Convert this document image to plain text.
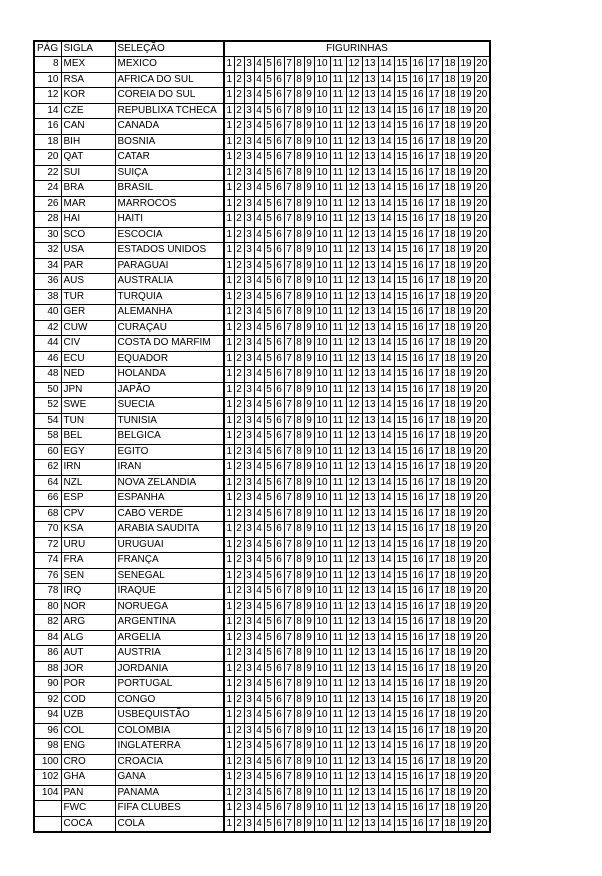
PÁG	SIGLA	SELEÇÃO	FIGURINHAS																			
8	MEX	MEXICO	1	2	3	4	5	6	7	8	9	10	11	12	13	14	15	16	17	18	19	20
10	RSA	AFRICA DO SUL	1	2	3	4	5	6	7	8	9	10	11	12	13	14	15	16	17	18	19	20
12	KOR	COREIA DO SUL	1	2	3	4	5	6	7	8	9	10	11	12	13	14	15	16	17	18	19	20
14	CZE	REPUBLIXA TCHECA	1	2	3	4	5	6	7	8	9	10	11	12	13	14	15	16	17	18	19	20
16	CAN	CANADA	1	2	3	4	5	6	7	8	9	10	11	12	13	14	15	16	17	18	19	20
18	BIH	BOSNIA	1	2	3	4	5	6	7	8	9	10	11	12	13	14	15	16	17	18	19	20
20	QAT	CATAR	1	2	3	4	5	6	7	8	9	10	11	12	13	14	15	16	17	18	19	20
22	SUI	SUIÇA	1	2	3	4	5	6	7	8	9	10	11	12	13	14	15	16	17	18	19	20
24	BRA	BRASIL	1	2	3	4	5	6	7	8	9	10	11	12	13	14	15	16	17	18	19	20
26	MAR	MARROCOS	1	2	3	4	5	6	7	8	9	10	11	12	13	14	15	16	17	18	19	20
28	HAI	HAITI	1	2	3	4	5	6	7	8	9	10	11	12	13	14	15	16	17	18	19	20
30	SCO	ESCOCIA	1	2	3	4	5	6	7	8	9	10	11	12	13	14	15	16	17	18	19	20
32	USA	ESTADOS UNIDOS	1	2	3	4	5	6	7	8	9	10	11	12	13	14	15	16	17	18	19	20
34	PAR	PARAGUAI	1	2	3	4	5	6	7	8	9	10	11	12	13	14	15	16	17	18	19	20
36	AUS	AUSTRALIA	1	2	3	4	5	6	7	8	9	10	11	12	13	14	15	16	17	18	19	20
38	TUR	TURQUIA	1	2	3	4	5	6	7	8	9	10	11	12	13	14	15	16	17	18	19	20
40	GER	ALEMANHA	1	2	3	4	5	6	7	8	9	10	11	12	13	14	15	16	17	18	19	20
42	CUW	CURAÇAU	1	2	3	4	5	6	7	8	9	10	11	12	13	14	15	16	17	18	19	20
44	CIV	COSTA DO MARFIM	1	2	3	4	5	6	7	8	9	10	11	12	13	14	15	16	17	18	19	20
46	ECU	EQUADOR	1	2	3	4	5	6	7	8	9	10	11	12	13	14	15	16	17	18	19	20
48	NED	HOLANDA	1	2	3	4	5	6	7	8	9	10	11	12	13	14	15	16	17	18	19	20
50	JPN	JAPÃO	1	2	3	4	5	6	7	8	9	10	11	12	13	14	15	16	17	18	19	20
52	SWE	SUECIA	1	2	3	4	5	6	7	8	9	10	11	12	13	14	15	16	17	18	19	20
54	TUN	TUNISIA	1	2	3	4	5	6	7	8	9	10	11	12	13	14	15	16	17	18	19	20
58	BEL	BELGICA	1	2	3	4	5	6	7	8	9	10	11	12	13	14	15	16	17	18	19	20
60	EGY	EGITO	1	2	3	4	5	6	7	8	9	10	11	12	13	14	15	16	17	18	19	20
62	IRN	IRAN	1	2	3	4	5	6	7	8	9	10	11	12	13	14	15	16	17	18	19	20
64	NZL	NOVA ZELANDIA	1	2	3	4	5	6	7	8	9	10	11	12	13	14	15	16	17	18	19	20
66	ESP	ESPANHA	1	2	3	4	5	6	7	8	9	10	11	12	13	14	15	16	17	18	19	20
68	CPV	CABO VERDE	1	2	3	4	5	6	7	8	9	10	11	12	13	14	15	16	17	18	19	20
70	KSA	ARABIA SAUDITA	1	2	3	4	5	6	7	8	9	10	11	12	13	14	15	16	17	18	19	20
72	URU	URUGUAI	1	2	3	4	5	6	7	8	9	10	11	12	13	14	15	16	17	18	19	20
74	FRA	FRANÇA	1	2	3	4	5	6	7	8	9	10	11	12	13	14	15	16	17	18	19	20
76	SEN	SENEGAL	1	2	3	4	5	6	7	8	9	10	11	12	13	14	15	16	17	18	19	20
78	IRQ	IRAQUE	1	2	3	4	5	6	7	8	9	10	11	12	13	14	15	16	17	18	19	20
80	NOR	NORUEGA	1	2	3	4	5	6	7	8	9	10	11	12	13	14	15	16	17	18	19	20
82	ARG	ARGENTINA	1	2	3	4	5	6	7	8	9	10	11	12	13	14	15	16	17	18	19	20
84	ALG	ARGELIA	1	2	3	4	5	6	7	8	9	10	11	12	13	14	15	16	17	18	19	20
86	AUT	AUSTRIA	1	2	3	4	5	6	7	8	9	10	11	12	13	14	15	16	17	18	19	20
88	JOR	JORDANIA	1	2	3	4	5	6	7	8	9	10	11	12	13	14	15	16	17	18	19	20
90	POR	PORTUGAL	1	2	3	4	5	6	7	8	9	10	11	12	13	14	15	16	17	18	19	20
92	COD	CONGO	1	2	3	4	5	6	7	8	9	10	11	12	13	14	15	16	17	18	19	20
94	UZB	USBEQUISTÃO	1	2	3	4	5	6	7	8	9	10	11	12	13	14	15	16	17	18	19	20
96	COL	COLOMBIA	1	2	3	4	5	6	7	8	9	10	11	12	13	14	15	16	17	18	19	20
98	ENG	INGLATERRA	1	2	3	4	5	6	7	8	9	10	11	12	13	14	15	16	17	18	19	20
100	CRO	CROACIA	1	2	3	4	5	6	7	8	9	10	11	12	13	14	15	16	17	18	19	20
102	GHA	GANA	1	2	3	4	5	6	7	8	9	10	11	12	13	14	15	16	17	18	19	20
104	PAN	PANAMA	1	2	3	4	5	6	7	8	9	10	11	12	13	14	15	16	17	18	19	20
	FWC	FIFA CLUBES	1	2	3	4	5	6	7	8	9	10	11	12	13	14	15	16	17	18	19	20
	COCA	COLA	1	2	3	4	5	6	7	8	9	10	11	12	13	14	15	16	17	18	19	20
